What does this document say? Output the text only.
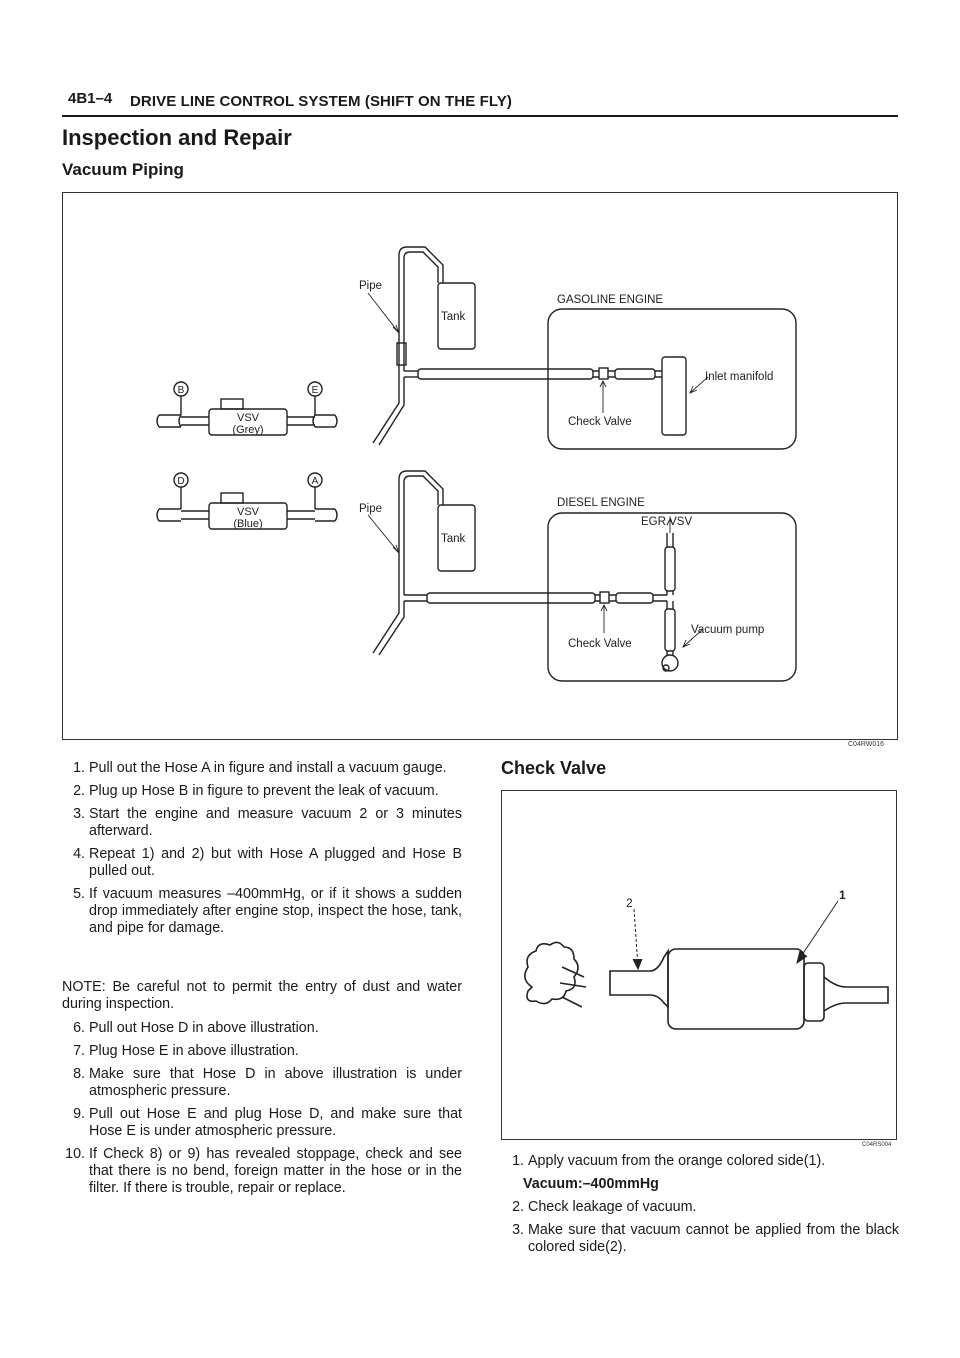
4B1–4 DRIVE LINE CONTROL SYSTEM (SHIFT ON THE FLY)
Inspection and Repair
Vacuum Piping
Pipe
Tank
GASOLINE ENGINE
Inlet manifold
Check Valve
Pipe
Tank
DIESEL ENGINE
EGR.VSV
Vacuum pump
Check Valve
VSV
(Grey)
VSV
(Blue)
B	E
D	A
C04RW016
1. Pull out the Hose A in figure and install a vacuum gauge.
2. Plug up Hose B in figure to prevent the leak of vacuum.
3. Start the engine and measure vacuum 2 or 3 minutes afterward.
4. Repeat 1) and 2) but with Hose A plugged and Hose B pulled out.
5. If vacuum measures –400mmHg, or if it shows a sudden drop immediately after engine stop, inspect the hose, tank, and pipe for damage.
NOTE: Be careful not to permit the entry of dust and water during inspection.
6. Pull out Hose D in above illustration.
7. Plug Hose E in above illustration.
8. Make sure that Hose D in above illustration is under atmospheric pressure.
9. Pull out Hose E and plug Hose D, and make sure that Hose E is under atmospheric pressure.
10. If Check 8) or 9) has revealed stoppage, check and see that there is no bend, foreign matter in the hose or in the filter. If there is trouble, repair or replace.
Check Valve
2
1
C04RS004
1. Apply vacuum from the orange colored side(1).

Vacuum:–400mmHg

2. Check leakage of vacuum.
3. Make sure that vacuum cannot be applied from the black colored side(2).
